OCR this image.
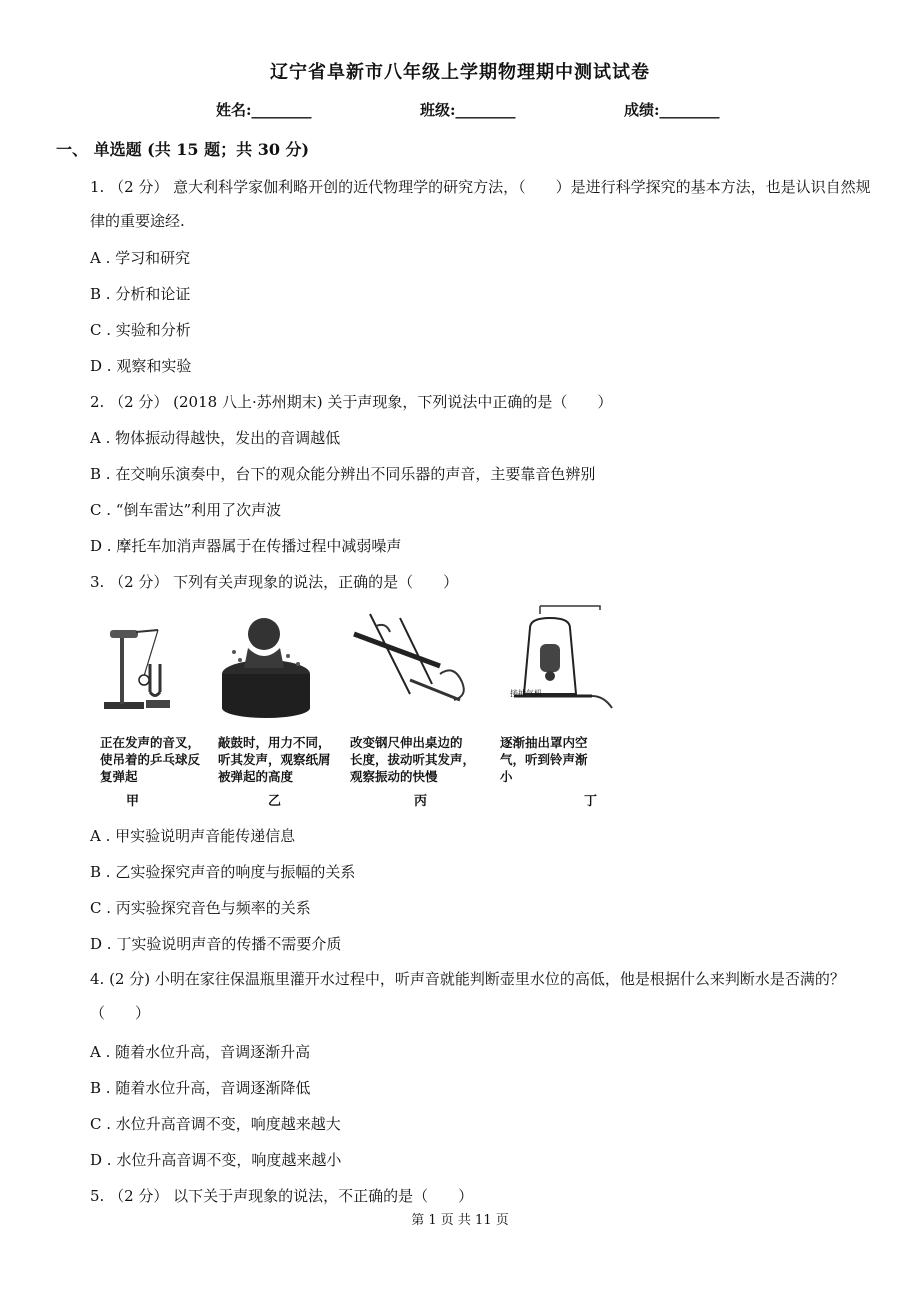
辽宁省阜新市八年级上学期物理期中测试试卷
姓名:________	班级:________	成绩:________
一、 单选题 (共 15 题；共 30 分)
1. （2 分） 意大利科学家伽利略开创的近代物理学的研究方法，（　　）是进行科学探究的基本方法，也是认识自然规律的重要途经.
A . 学习和研究
B . 分析和论证
C . 实验和分析
D . 观察和实验
2. （2 分） (2018 八上·苏州期末) 关于声现象，下列说法中正确的是（　　）
A . 物体振动得越快，发出的音调越低
B . 在交响乐演奏中，台下的观众能分辨出不同乐器的声音，主要靠音色辨别
C . “倒车雷达”利用了次声波
D . 摩托车加消声器属于在传播过程中减弱噪声
3. （2 分） 下列有关声现象的说法，正确的是（　　）
正在发声的音叉，
使吊着的乒乓球反
复弹起
甲
敲鼓时，用力不同，
听其发声，观察纸屑
被弹起的高度
乙
改变钢尺伸出桌边的
长度，拔动听其发声，
观察振动的快慢
丙
接抽气机
逐渐抽出罩内空
气，听到铃声渐
小
丁
A . 甲实验说明声音能传递信息
B . 乙实验探究声音的响度与振幅的关系
C . 丙实验探究音色与频率的关系
D . 丁实验说明声音的传播不需要介质
4. (2 分) 小明在家往保温瓶里灌开水过程中，听声音就能判断壶里水位的高低，他是根据什么来判断水是否满的？（　　）
A . 随着水位升高，音调逐渐升高
B . 随着水位升高，音调逐渐降低
C . 水位升高音调不变，响度越来越大
D . 水位升高音调不变，响度越来越小
5. （2 分） 以下关于声现象的说法，不正确的是（　　）
第 1 页 共 11 页
